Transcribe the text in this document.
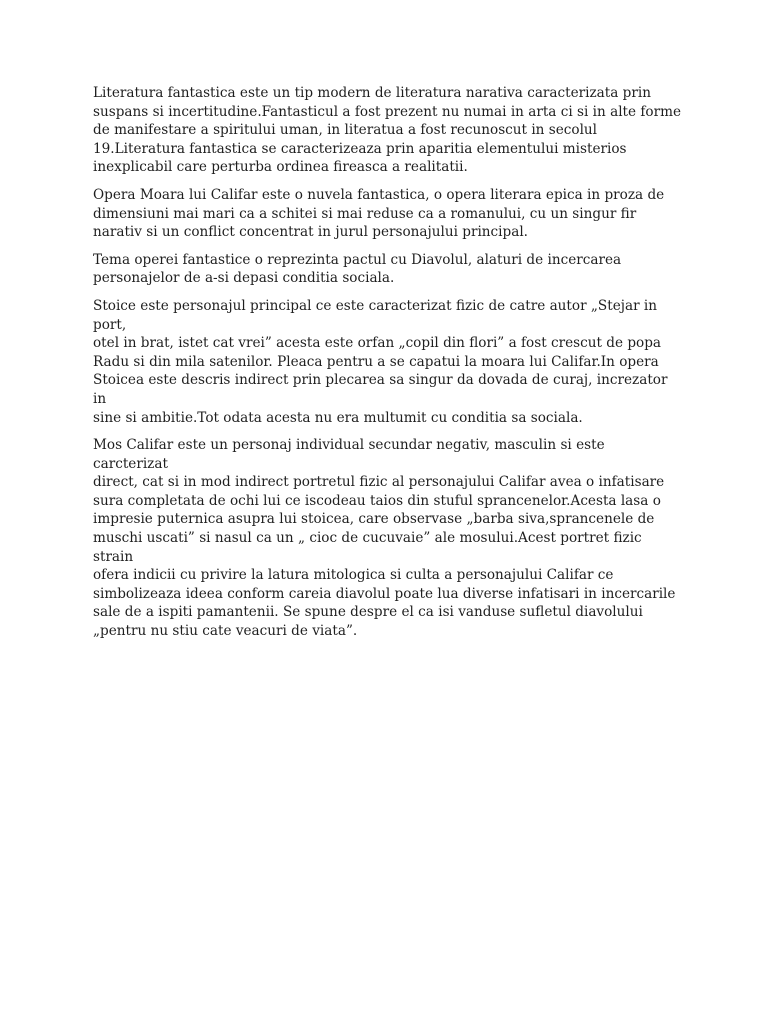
Literatura fantastica este un tip modern de literatura narativa caracterizata prin
suspans si incertitudine.Fantasticul a fost prezent nu numai in arta ci si in alte forme
de manifestare a spiritului uman, in literatua a fost recunoscut in secolul
19.Literatura fantastica se caracterizeaza prin aparitia elementului misterios
inexplicabil care perturba ordinea fireasca a realitatii.

Opera Moara lui Califar este o nuvela fantastica, o opera literara epica in proza de
dimensiuni mai mari ca a schitei si mai reduse ca a romanului, cu un singur fir
narativ si un conflict concentrat in jurul personajului principal.

Tema operei fantastice o reprezinta pactul cu Diavolul, alaturi de incercarea
personajelor de a-si depasi conditia sociala.

Stoice este personajul principal ce este caracterizat fizic de catre autor „Stejar in port,
otel in brat, istet cat vrei” acesta este orfan „copil din flori” a fost crescut de popa
Radu si din mila satenilor. Pleaca pentru a se capatui la moara lui Califar.In opera
Stoicea este descris indirect prin plecarea sa singur da dovada de curaj, increzator in
sine si ambitie.Tot odata acesta nu era multumit cu conditia sa sociala.

Mos Califar este un personaj individual secundar negativ, masculin si este carcterizat
direct, cat si in mod indirect portretul fizic al personajului Califar avea o infatisare
sura completata de ochi lui ce iscodeau taios din stuful sprancenelor.Acesta lasa o
impresie puternica asupra lui stoicea, care observase „barba siva,sprancenele de
muschi uscati” si nasul ca un „ cioc de cucuvaie” ale mosului.Acest portret fizic strain
ofera indicii cu privire la latura mitologica si culta a personajului Califar ce
simbolizeaza ideea conform careia diavolul poate lua diverse infatisari in incercarile
sale de a ispiti pamantenii. Se spune despre el ca isi vanduse sufletul diavolului
„pentru nu stiu cate veacuri de viata”.
